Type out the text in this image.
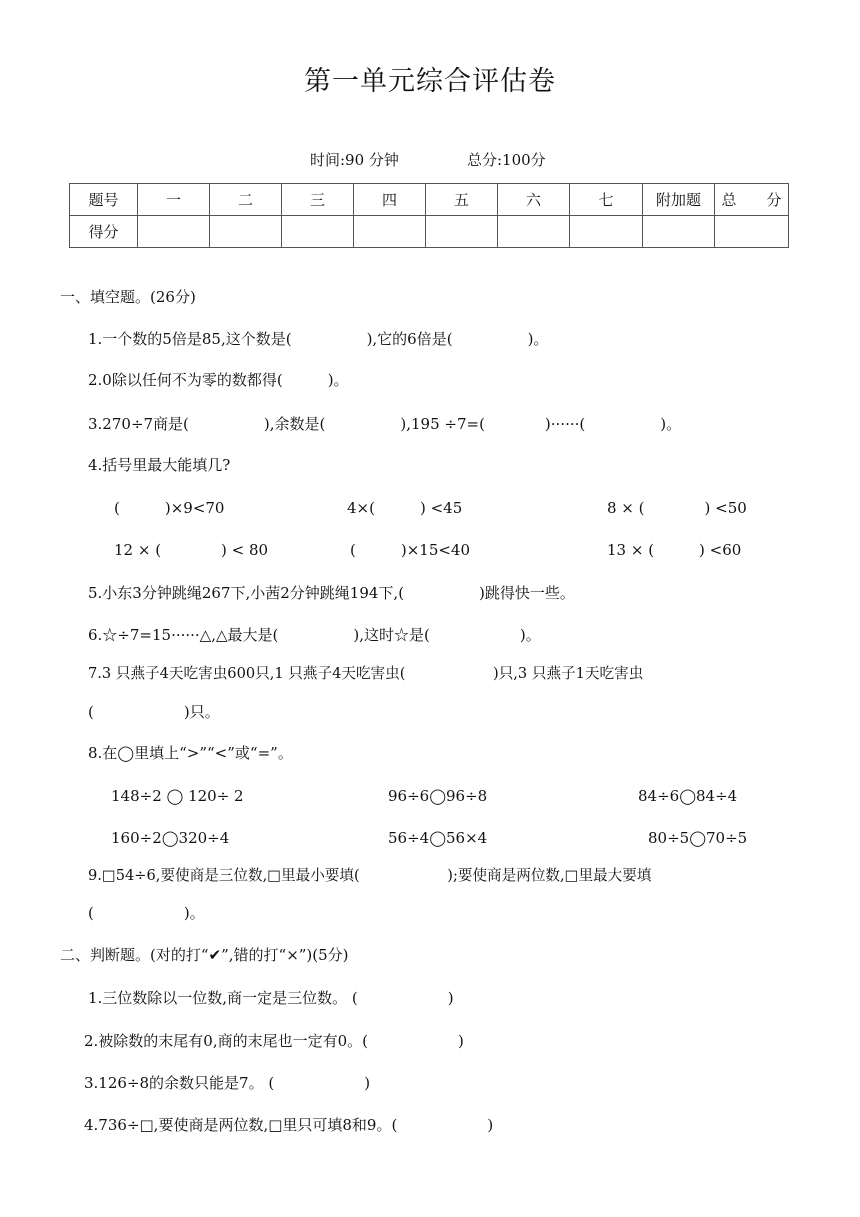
第一单元综合评估卷
时间:90 分钟	总分:100分
题号	一	二	三	四	五	六	七	附加题	总　　分
得分									
一、填空题。(26分)
1.一个数的5倍是85,这个数是(　　　　　),它的6倍是(　　　　　)。
2.0除以任何不为零的数都得(　　　)。
3.270÷7商是(　　　　　),余数是(　　　　　),195 ÷7=(　　　　)······(　　　　　)。
4.括号里最大能填几?
(　　　)×9<70	4×(　　　) <45	8 × (　　　　) <50
12 × (　　　　) < 80	(　　　)×15<40	13 × (　　　) <60
5.小东3分钟跳绳267下,小茜2分钟跳绳194下,(　　　　　)跳得快一些。
6.☆÷7=15······△,△最大是(　　　　　),这时☆是(　　　　　　)。
7.3 只燕子4天吃害虫600只,1 只燕子4天吃害虫(　　　　　　)只,3 只燕子1天吃害虫
(　　　　　　)只。
8.在◯里填上“>”“<”或“=”。
148÷2 ◯ 120÷ 2	96÷6◯96÷8	84÷6◯84÷4
160÷2◯320÷4	56÷4◯56×4	80÷5◯70÷5
9.□54÷6,要使商是三位数,□里最小要填(　　　　　　);要使商是两位数,□里最大要填
(　　　　　　)。
二、判断题。(对的打“✔”,错的打“×”)(5分)
1.三位数除以一位数,商一定是三位数。 (　　　　　　)
2.被除数的末尾有0,商的末尾也一定有0。(　　　　　　)
3.126÷8的余数只能是7。 (　　　　　　)
4.736÷□,要使商是两位数,□里只可填8和9。(　　　　　　)
